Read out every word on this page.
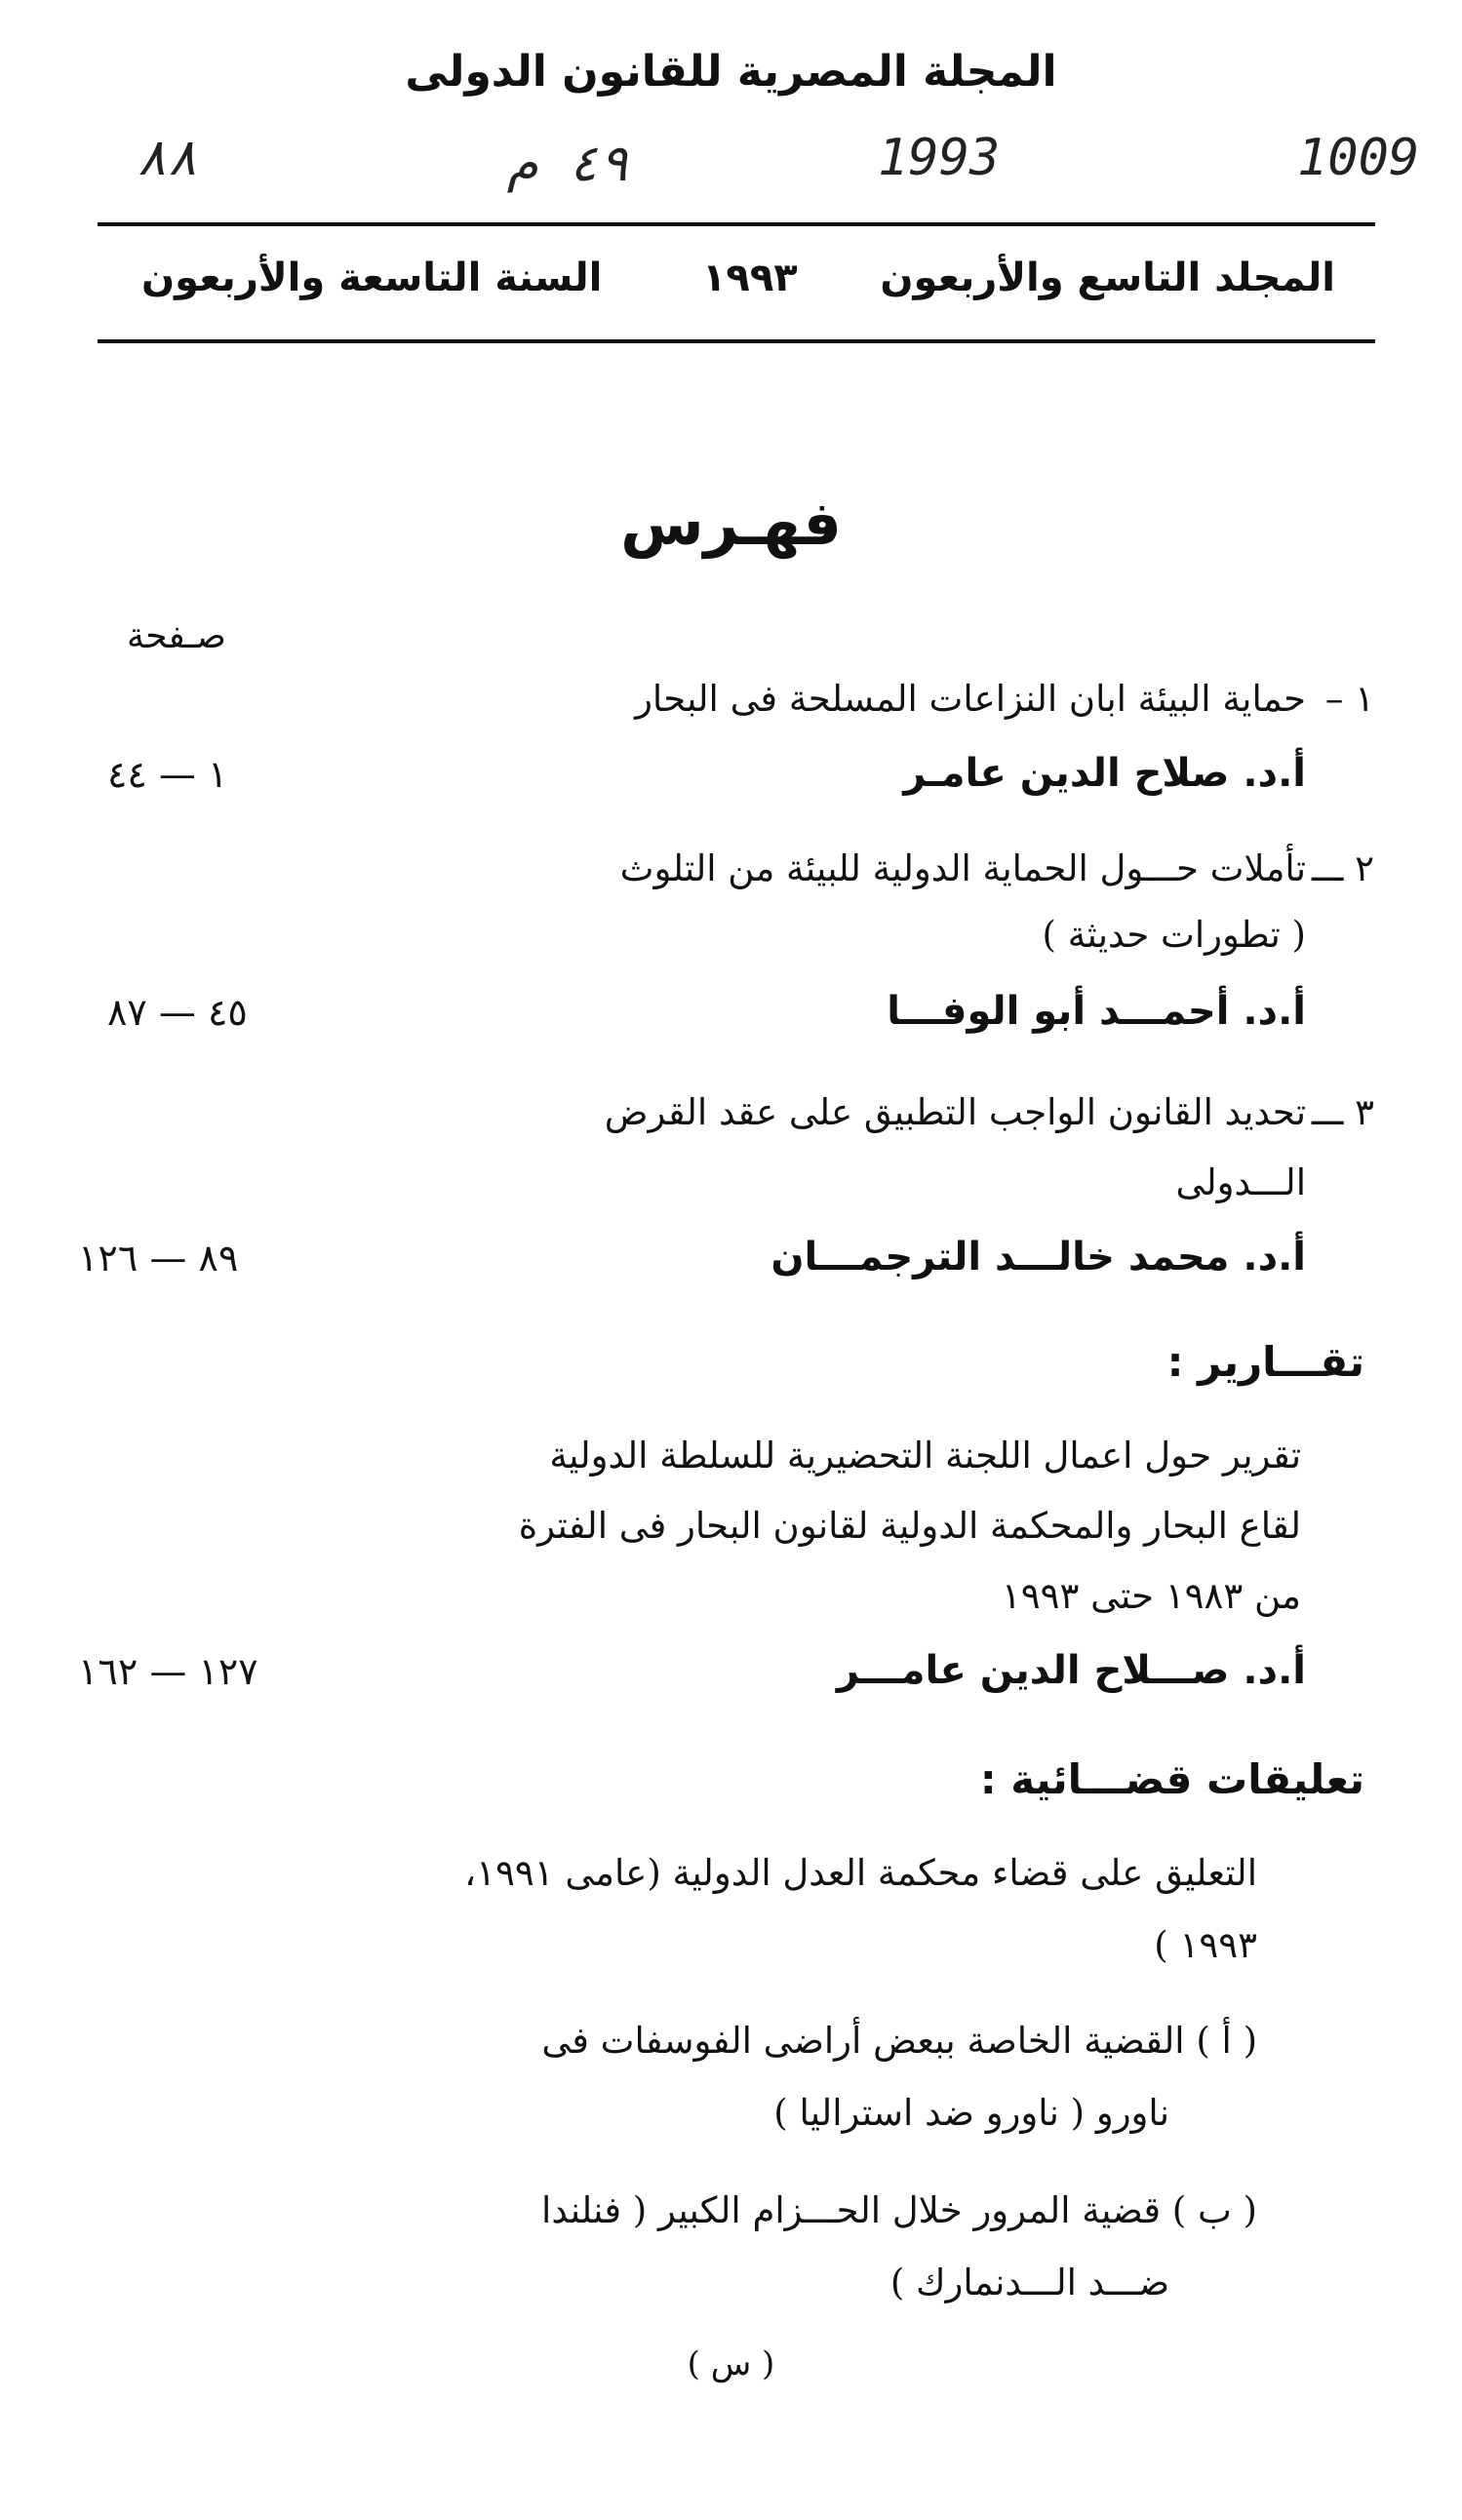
المجلة المصرية للقانون الدولى
٨٨	٤٩ م	1993	1009
المجلد التاسع والأربعون
١٩٩٣
السنة التاسعة والأربعون
فهـرس
صـفحة
١ –
حماية البيئة ابان النزاعات المسلحة فى البحار
أ.د. صلاح الدين عامـر
١ — ٤٤
٢ ـــ
تأملات حـــول الحماية الدولية للبيئة من التلوث
( تطورات حديثة )
أ.د. أحمـــد أبو الوفـــا
٤٥ — ٨٧
٣ ـــ
تحديد القانون الواجب التطبيق على عقد القرض
الـــدولى
أ.د. محمد خالـــد الترجمـــان
٨٩ — ١٢٦
تقـــارير :
تقرير حول اعمال اللجنة التحضيرية للسلطة الدولية
لقاع البحار والمحكمة الدولية لقانون البحار فى الفترة
من ١٩٨٣ حتى ١٩٩٣
أ.د. صـــلاح الدين عامـــر
١٢٧ — ١٦٢
تعليقات قضـــائية :
التعليق على قضاء محكمة العدل الدولية (عامى ١٩٩١،
١٩٩٣ )
( أ ) القضية الخاصة ببعض أراضى الفوسفات فى
ناورو ( ناورو ضد استراليا )
( ب ) قضية المرور خلال الحـــزام الكبير ( فنلندا
ضـــد الـــدنمارك )
( س )
